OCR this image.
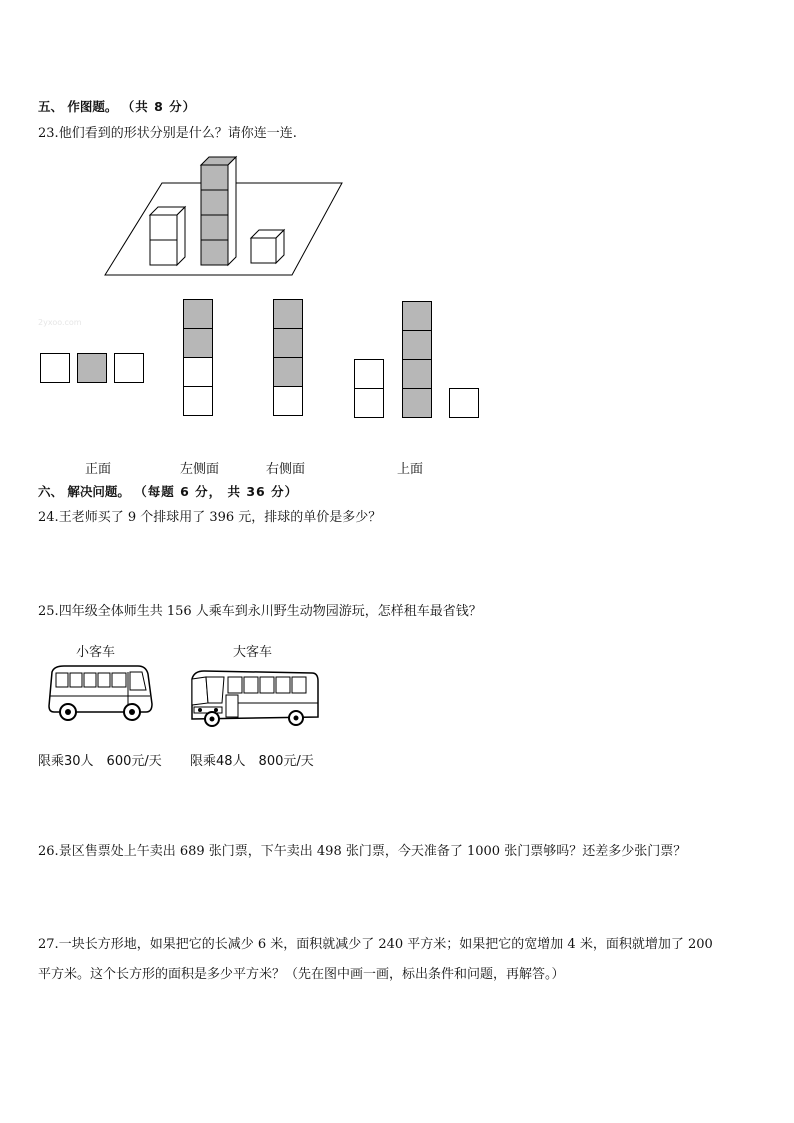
五、 作图题。 （共 8 分）
23.他们看到的形状分别是什么？请你连一连.
2yxoo.com
正面	左侧面	右侧面	上面
六、 解决问题。 （每题 6 分， 共 36 分）
24.王老师买了 9 个排球用了 396 元，排球的单价是多少？
25.四年级全体师生共 156 人乘车到永川野生动物园游玩，怎样租车最省钱？
小客车	大客车
限乘30人　600元/天 限乘48人　800元/天
26.景区售票处上午卖出 689 张门票，下午卖出 498 张门票，今天准备了 1000 张门票够吗？还差多少张门票？
27.一块长方形地，如果把它的长减少 6 米，面积就减少了 240 平方米；如果把它的宽增加 4 米，面积就增加了 200
平方米。这个长方形的面积是多少平方米？（先在图中画一画，标出条件和问题，再解答。）
